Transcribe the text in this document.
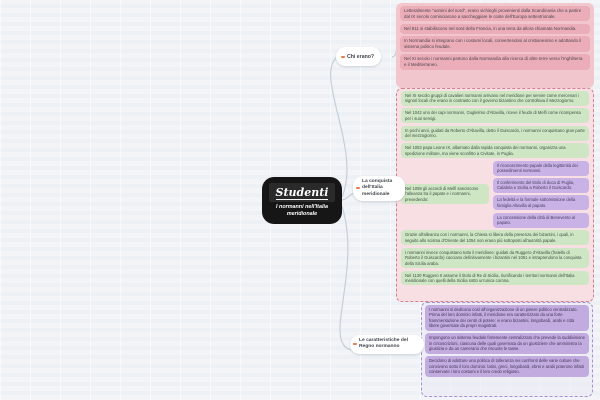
Studenti
I normanni nell'Italia meridionale
Chi erano?
La conquista dell'Italia meridionale
Le caratteristiche del Regno normanno
Letteralmente "uomini del nord", erano vichinghi provenienti dalla Scandinavia che a partire dal IX secolo cominciarono a saccheggiare le coste dell'Europa settentrionale.
Nel 911 si stabiliscono nel nord della Francia, in una terra da allora chiamata Normandia.
In Normandia si integrano con i costumi locali, convertendosi al cristianesimo e adottando il sistema politico feudale.
Nel XI secolo i normanni partono dalla Normandia alla ricerca di altre terre verso l'Inghilterra e il Mediterraneo.
Nel XI secolo gruppi di cavalieri normanni arrivano nel meridione per servire come mercenari i signori locali che erano in contrasto con il governo bizantino che controllava il Mezzogiorno.
Nel 1042 uno dei capi normanni, Guglielmo d'Altavilla, riceve il feudo di Melfi come ricompensa per i suoi servigi.
In pochi anni, guidati da Roberto d'Altavilla, detto il Guiscardo, i normanni conquistano gran parte del mezzogiorno.
Nel 1053 papa Leone IX, allarmato dalla rapida conquista dei normanni, organizza una spedizione militare, ma viene sconfitto a Civitate, in Puglia.
Nel 1059 gli accordi di Melfi sanciscono l'alleanza tra il papato e i normanni, prevedendo:
Il riconoscimento papale della legittimità dei possedimenti normanni.
Il conferimento del titolo di duca di Puglia, Calabria e Sicilia a Roberto il Guiscardo.
La fedeltà e la formale sottomissione della famiglia Altavilla al papato.
La concessione della città di Benevento al papato.
Grazie all'alleanza con i normanni, la Chiesa si libera della presenza dei bizantini, i quali, in seguito allo scisma d'Oriente del 1054 non erano più sottoposti all'autorità papale.
I normanni invece conquistano tutto il meridione: guidati da Ruggero d'Altavilla (fratello di Roberto il Guiscardo) cacciano definitivamente i bizantini nel 1061 e intraprendono la conquista della Sicilia araba.
Nel 1130 Ruggero II assume il titolo di Re di Sicilia, riunificando i territori normanni dell'Italia meridionale con quelli della Sicilia sotto un'unica corona.
I normanni si dedicano così all'organizzazione di un potere politico centralizzato. Prima del loro dominio infatti, il meridione era caratterizzato da una forte frammentazione dei centri di potere: vi erano bizantini, longobardi, arabi e città libere governate da propri magistrati.
Impongono un sistema feudale fortemente centralizzato che prevede la suddivisione in circoscrizioni, ciascuna delle quali governata da un giustiziere che amministra la giustizia e da un camerario che riscuote le tasse.
Decidono di adottare una politica di tolleranza nei confronti delle varie culture che convivono sotto il loro dominio: latini, greci, longobardi, ebrei e arabi poterono infatti conservare i loro costumi e il loro credo religioso.
